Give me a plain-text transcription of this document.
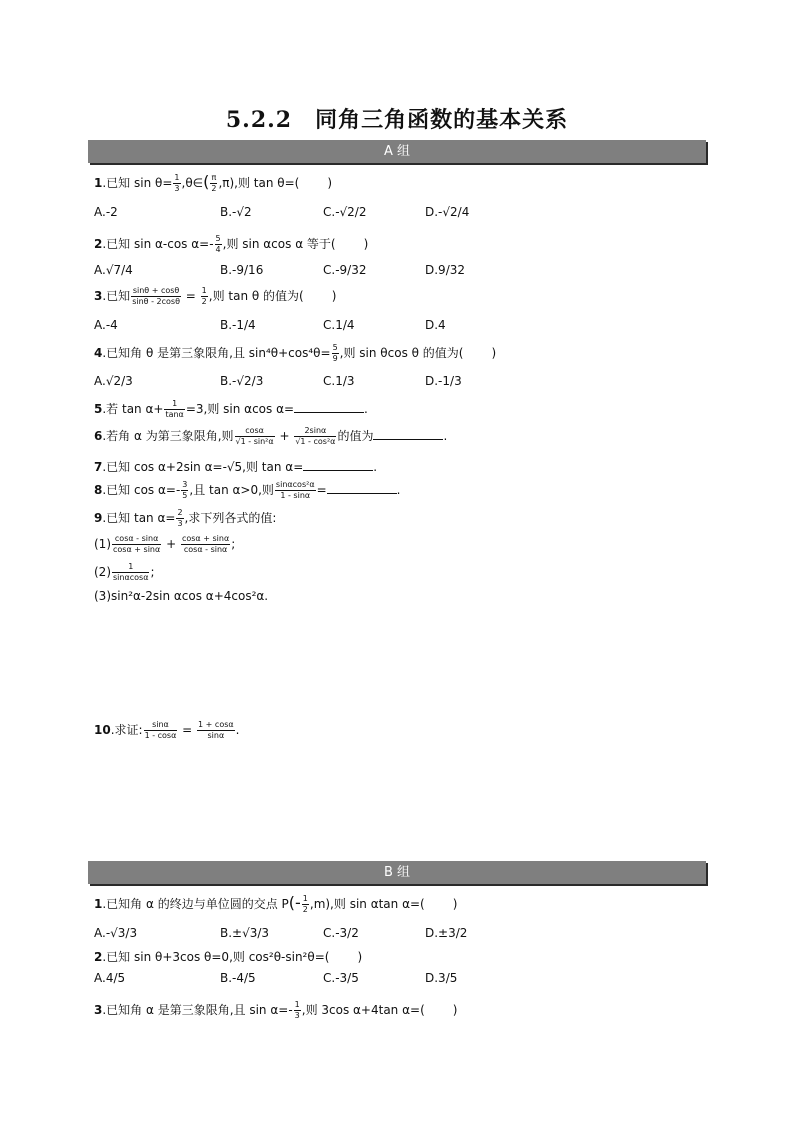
5.2.2　同角三角函数的基本关系
A 组
1.已知 $\sin \theta= \frac{1}{3}$ ,θ∈( $\frac{\pi}{2} ,\pi$),则 tan θ=( )
A.-2	B.-√2	C.-√2/2	D.-√2/4
2.已知 sin α-cos $\alpha=- \frac{5}{4}$ ,则 sin αcos α 等于( )
A.√7/4	B.-9/16	C.-9/32	D.9/32
3.已知 $\frac{\sin\theta + \cos\theta}{\sin\theta - 2\cos\theta} = \frac{1}{2}$ ,则 tan θ 的值为( )
A.-4	B.-1/4	C.1/4	D.4
4.已知角 θ 是第三象限角,且 $\sin^4\theta+\cos^4\theta= \frac{5}{9}$ ,则 sin θcos θ 的值为( )
A.√2/3	B.-√2/3	C.1/3	D.-1/3
5.若 $\tan \alpha+ \frac{1}{\tan\alpha} =3$,则 sin αcos α=	.
6.若角 α 为第三象限角,则 $\frac{\cos\alpha}{\text{√1 - sin²α}} + \frac{2\sin\alpha}{\text{√1 - cos²α}}$ 的值为	.
7.已知 cos α+2sin α=-√5,则 tan α=	.
8.已知 $\cos \alpha=- \frac{3}{5}$ ,且 tan α>0,则 $\frac{\text{sinαcos²α}}{1 - \sin\alpha}$ =	.
9.已知 $\tan \alpha= \frac{2}{3}$ ,求下列各式的值:
$(1) \frac{\cos\alpha - \sin\alpha}{\cos\alpha + \sin\alpha} + \frac{\cos\alpha + \sin\alpha}{\cos\alpha - \sin\alpha}$ ;
$(2) \frac{1}{\sin\alpha\cos\alpha}$ ;
(3)sin²α-2sin αcos α+4cos²α.
10.求证: $\frac{\sin\alpha}{1 - \cos\alpha} = \frac{1 + \cos\alpha}{\sin\alpha}$ .
B 组
1.已知角 α 的终边与单位圆的交点 $P(- \frac{1}{2} ,m)$,则 sin αtan α=( )
A.-√3/3	B.±√3/3	C.-3/2	D.±3/2
2.已知 sin θ+3cos θ=0,则 cos²θ-sin²θ=( )
A.4/5	B.-4/5	C.-3/5	D.3/5
3.已知角 α 是第三象限角,且 $\sin \alpha=- \frac{1}{3}$ ,则 3cos α+4tan α=( )
